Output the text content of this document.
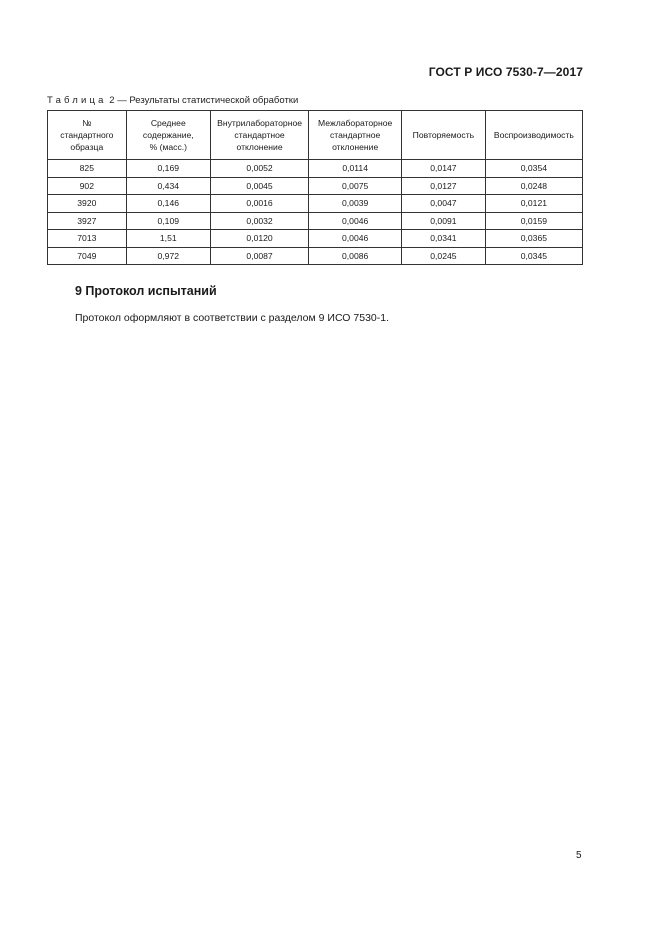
ГОСТ Р ИСО 7530-7—2017
Таблица 2 — Результаты статистической обработки
№
стандартного
образца	Среднее
содержание,
% (масс.)	Внутрилабораторное
стандартное
отклонение	Межлабораторное
стандартное
отклонение	Повторяемость	Воспроизводимость
825	0,169	0,0052	0,0114	0,0147	0,0354
902	0,434	0,0045	0,0075	0,0127	0,0248
3920	0,146	0,0016	0,0039	0,0047	0,0121
3927	0,109	0,0032	0,0046	0,0091	0,0159
7013	1,51	0,0120	0,0046	0,0341	0,0365
7049	0,972	0,0087	0,0086	0,0245	0,0345
9 Протокол испытаний
Протокол оформляют в соответствии с разделом 9 ИСО 7530-1.
5
